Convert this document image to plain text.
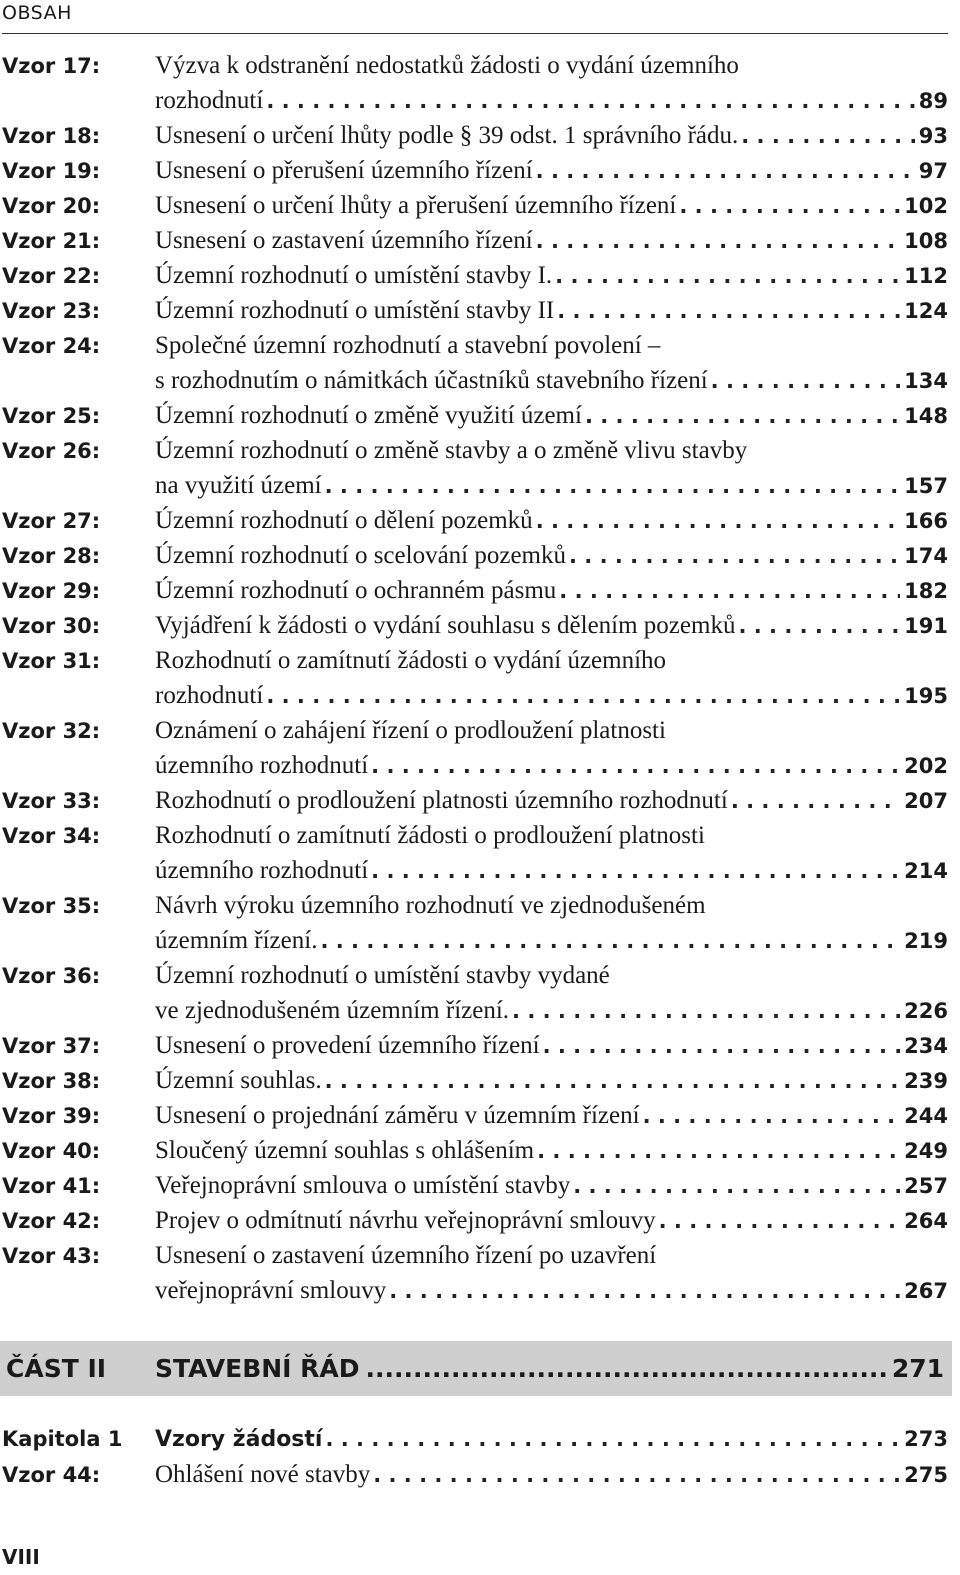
OBSAH
Vzor 17:	Výzva k odstranění nedostatků žádosti o vydání územního
rozhodnutí . . .	89
Vzor 18:	Usnesení o určení lhůty podle § 39 odst. 1 správního řádu. . . .	93
Vzor 19:	Usnesení o přerušení územního řízení . . .	97
Vzor 20:	Usnesení o určení lhůty a přerušení územního řízení . . .	102
Vzor 21:	Usnesení o zastavení územního řízení . . .	108
Vzor 22:	Územní rozhodnutí o umístění stavby I. . . .	112
Vzor 23:	Územní rozhodnutí o umístění stavby II . . .	124
Vzor 24:	Společné územní rozhodnutí a stavební povolení –
s rozhodnutím o námitkách účastníků stavebního řízení . . .	134
Vzor 25:	Územní rozhodnutí o změně využití území . . .	148
Vzor 26:	Územní rozhodnutí o změně stavby a o změně vlivu stavby
na využití území . . .	157
Vzor 27:	Územní rozhodnutí o dělení pozemků . . .	166
Vzor 28:	Územní rozhodnutí o scelování pozemků . . .	174
Vzor 29:	Územní rozhodnutí o ochranném pásmu . . .	182
Vzor 30:	Vyjádření k žádosti o vydání souhlasu s dělením pozemků . . .	191
Vzor 31:	Rozhodnutí o zamítnutí žádosti o vydání územního
rozhodnutí . . .	195
Vzor 32:	Oznámení o zahájení řízení o prodloužení platnosti
územního rozhodnutí . . .	202
Vzor 33:	Rozhodnutí o prodloužení platnosti územního rozhodnutí . . .	207
Vzor 34:	Rozhodnutí o zamítnutí žádosti o prodloužení platnosti
územního rozhodnutí . . .	214
Vzor 35:	Návrh výroku územního rozhodnutí ve zjednodušeném
územním řízení. . . .	219
Vzor 36:	Územní rozhodnutí o umístění stavby vydané
ve zjednodušeném územním řízení. . . .	226
Vzor 37:	Usnesení o provedení územního řízení . . .	234
Vzor 38:	Územní souhlas. . . .	239
Vzor 39:	Usnesení o projednání záměru v územním řízení . . .	244
Vzor 40:	Sloučený územní souhlas s ohlášením . . .	249
Vzor 41:	Veřejnoprávní smlouva o umístění stavby . . .	257
Vzor 42:	Projev o odmítnutí návrhu veřejnoprávní smlouvy . . .	264
Vzor 43:	Usnesení o zastavení územního řízení po uzavření
veřejnoprávní smlouvy . . .	267
ČÁST II	STAVEBNÍ ŘÁD .....	271
Kapitola 1	Vzory žádostí . . .	273
Vzor 44:	Ohlášení nové stavby . . .	275
VIII
